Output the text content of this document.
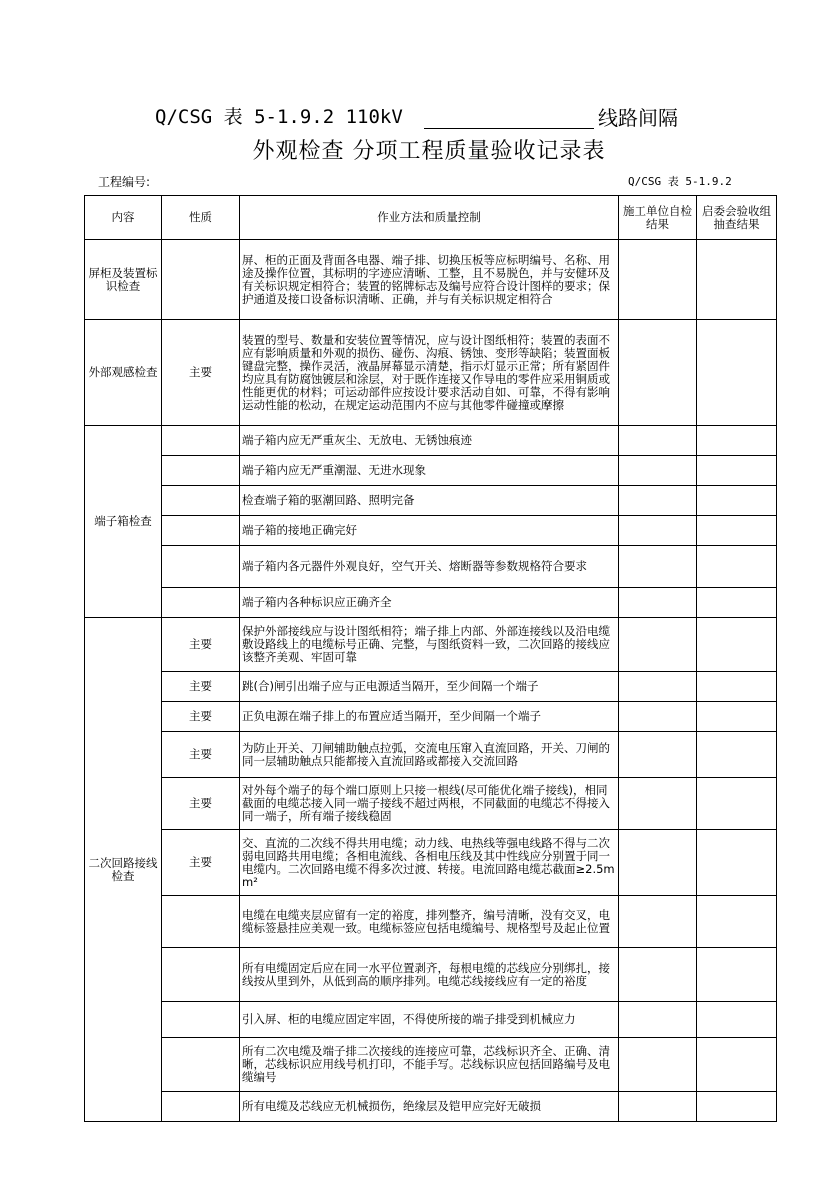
Q/CSG 表 5-1.9.2 110kV	线路间隔
外观检查 分项工程质量验收记录表
工程编号:	Q/CSG 表 5-1.9.2
内容	性质	作业方法和质量控制	施工单位自检结果	启委会验收组抽查结果
屏柜及装置标识检查		屏、柜的正面及背面各电器、端子排、切换压板等应标明编号、名称、用途及操作位置，其标明的字迹应清晰、工整，且不易脱色，并与安健环及有关标识规定相符合；装置的铭牌标志及编号应符合设计图样的要求；保护通道及接口设备标识清晰、正确，并与有关标识规定相符合		
外部观感检查	主要	装置的型号、数量和安装位置等情况，应与设计图纸相符；装置的表面不应有影响质量和外观的损伤、碰伤、沟痕、锈蚀、变形等缺陷；装置面板键盘完整，操作灵活，液晶屏幕显示清楚，指示灯显示正常；所有紧固件均应具有防腐蚀镀层和涂层，对于既作连接又作导电的零件应采用铜质或性能更优的材料；可运动部件应按设计要求活动自如、可靠，不得有影响运动性能的松动，在规定运动范围内不应与其他零件碰撞或摩擦		
端子箱检查		端子箱内应无严重灰尘、无放电、无锈蚀痕迹		
		端子箱内应无严重潮湿、无进水现象		
		检查端子箱的驱潮回路、照明完备		
		端子箱的接地正确完好		
		端子箱内各元器件外观良好，空气开关、熔断器等参数规格符合要求		
		端子箱内各种标识应正确齐全		
二次回路接线检查	主要	保护外部接线应与设计图纸相符；端子排上内部、外部连接线以及沿电缆敷设路线上的电缆标号正确、完整，与图纸资料一致，二次回路的接线应该整齐美观、牢固可靠		
	主要	跳(合)闸引出端子应与正电源适当隔开，至少间隔一个端子		
	主要	正负电源在端子排上的布置应适当隔开，至少间隔一个端子		
	主要	为防止开关、刀闸辅助触点拉弧，交流电压窜入直流回路，开关、刀闸的同一层辅助触点只能都接入直流回路或都接入交流回路		
	主要	对外每个端子的每个端口原则上只接一根线(尽可能优化端子接线)，相同截面的电缆芯接入同一端子接线不超过两根，不同截面的电缆芯不得接入同一端子，所有端子接线稳固		
	主要	交、直流的二次线不得共用电缆；动力线、电热线等强电线路不得与二次弱电回路共用电缆；各相电流线、各相电压线及其中性线应分别置于同一电缆内。二次回路电缆不得多次过渡、转接。电流回路电缆芯截面≥2.5mm²		
		电缆在电缆夹层应留有一定的裕度，排列整齐，编号清晰，没有交叉，电缆标签悬挂应美观一致。电缆标签应包括电缆编号、规格型号及起止位置		
		所有电缆固定后应在同一水平位置剥齐，每根电缆的芯线应分别绑扎，接线按从里到外，从低到高的顺序排列。电缆芯线接线应有一定的裕度		
		引入屏、柜的电缆应固定牢固，不得使所接的端子排受到机械应力		
		所有二次电缆及端子排二次接线的连接应可靠，芯线标识齐全、正确、清晰，芯线标识应用线号机打印，不能手写。芯线标识应包括回路编号及电缆编号		
		所有电缆及芯线应无机械损伤，绝缘层及铠甲应完好无破损		
